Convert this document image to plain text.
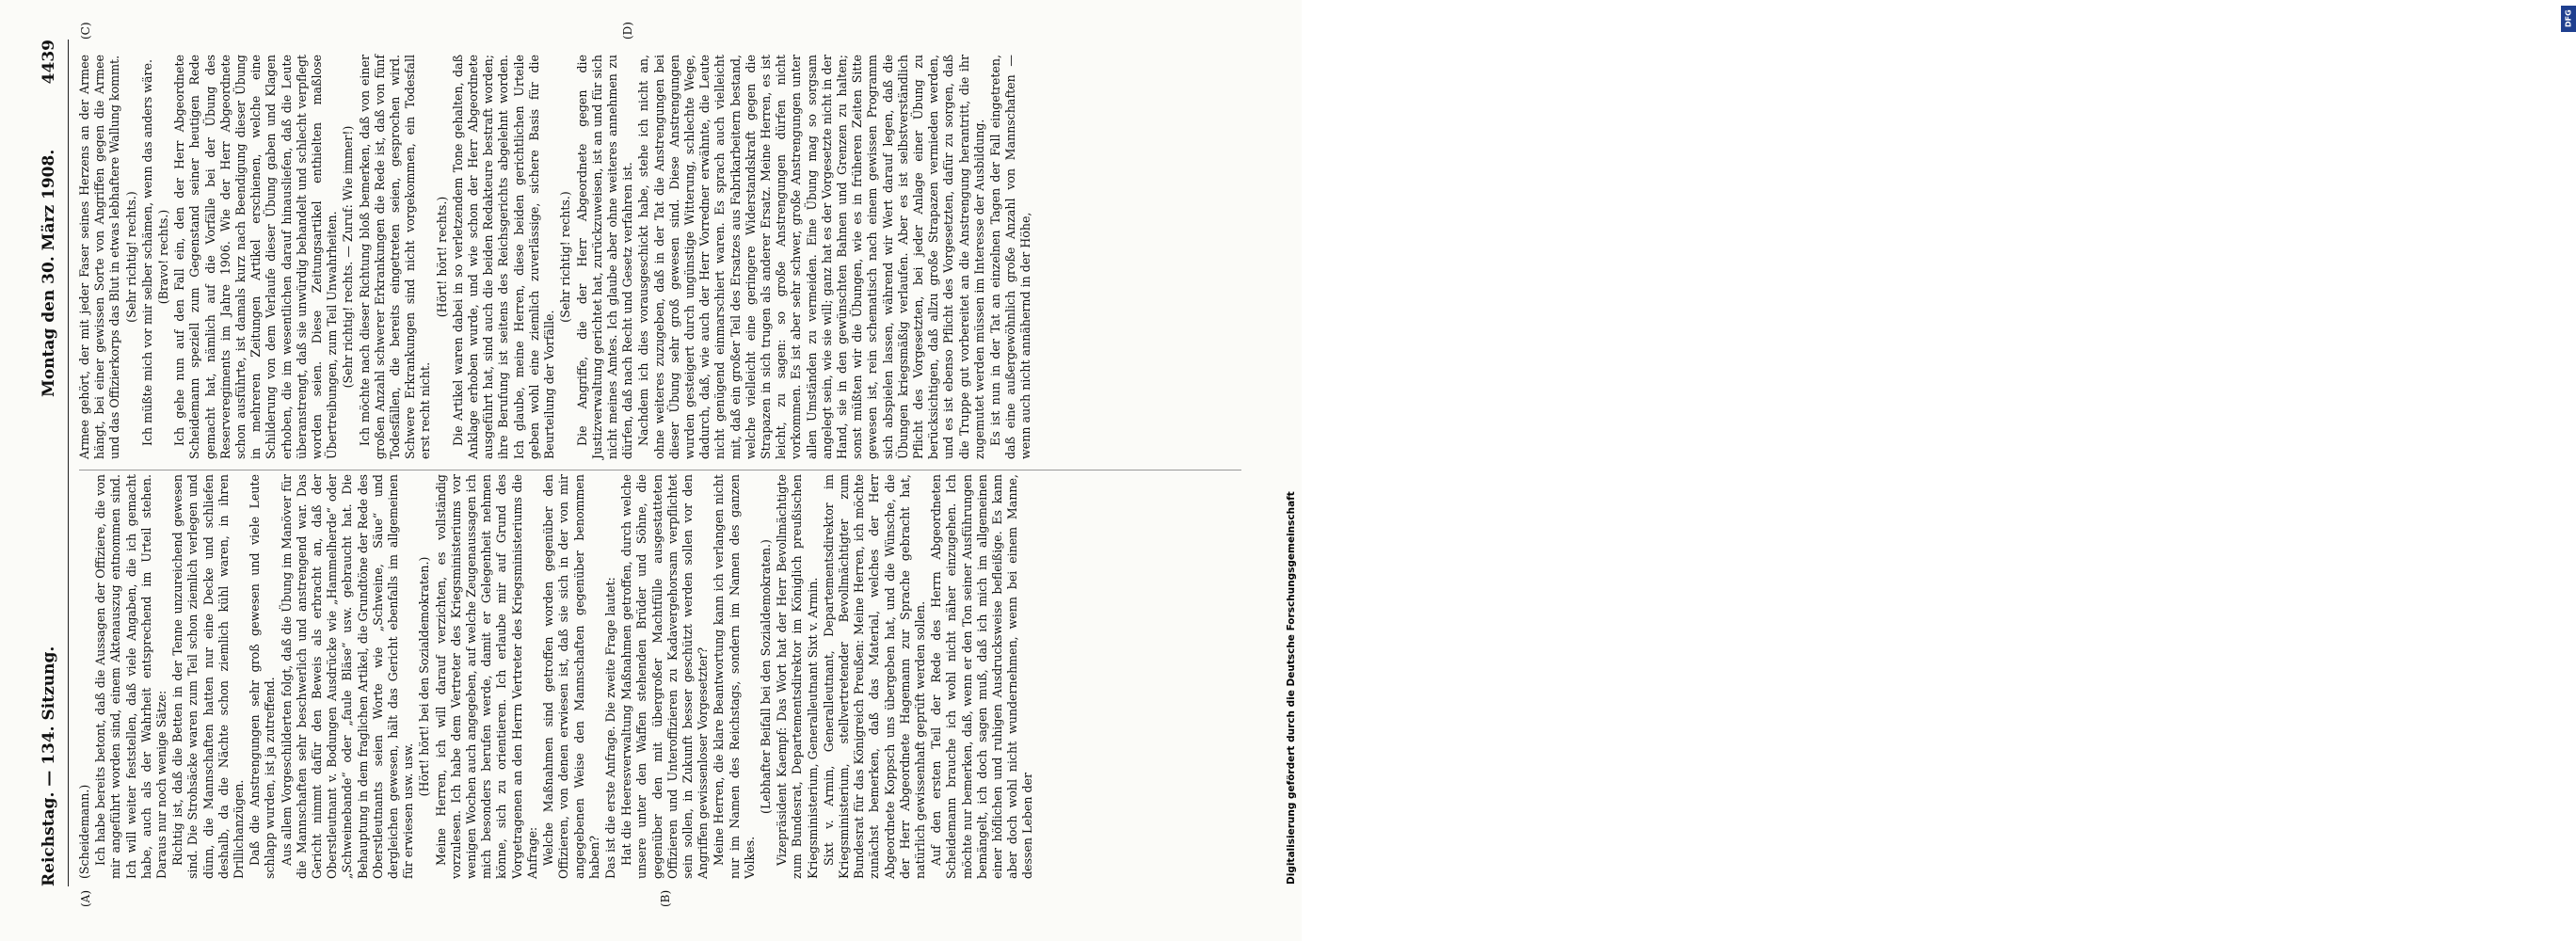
Reichstag. — 134. Sitzung.
Montag den 30. März 1908.
4439
(A)	(B)
(C)	(D)

(Scheidemann.) Ich habe bereits betont, daß die Aussagen der Offiziere, die von mir angeführt worden sind, einem Aktenauszug entnommen sind. Ich will weiter feststellen, daß viele Angaben, die ich gemacht habe, auch als der Wahrheit entsprechend im Urteil stehen. Daraus nur noch wenige Sätze: Richtig ist, daß die Betten in der Tenne unzureichend gewesen sind. Die Strohsäcke waren zum Teil schon ziemlich verlegen und dünn, die Mannschaften hatten nur eine Decke und schliefen deshalb, da die Nächte schon ziemlich kühl waren, in ihren Drillichanzügen. Daß die Anstrengungen sehr groß gewesen und viele Leute schlapp wurden, ist ja zutreffend. Aus allem Vorgeschilderten folgt, daß die Übung im Manöver für die Mannschaften sehr beschwerlich und anstrengend war. Das Gericht nimmt dafür den Beweis als erbracht an, daß der Oberstleutnant v. Bodungen Ausdrücke wie „Hammelherde“ oder „Schweinebande“ oder „faule Bläse“ usw. gebraucht hat. Die Behauptung in dem fraglichen Artikel, die Grundtöne der Rede des Oberstleutnants seien Worte wie „Schweine, Säue“ und dergleichen gewesen, hält das Gericht ebenfalls im allgemeinen für erwiesen usw. usw.

(Hört! hört! bei den Sozialdemokraten.) Meine Herren, ich will darauf verzichten, es vollständig vorzulesen. Ich habe dem Vertreter des Kriegsministeriums vor wenigen Wochen auch angegeben, auf welche Zeugenaussagen ich mich besonders berufen werde, damit er Gelegenheit nehmen könne, sich zu orientieren. Ich erlaube mir auf Grund des Vorgetragenen an den Herrn Vertreter des Kriegsministeriums die Anfrage: Welche Maßnahmen sind getroffen worden gegenüber den Offizieren, von denen erwiesen ist, daß sie sich in der von mir angegebenen Weise den Mannschaften gegenüber benommen haben? Das ist die erste Anfrage. Die zweite Frage lautet: Hat die Heeresverwaltung Maßnahmen getroffen, durch welche unsere unter den Waffen stehenden Brüder und Söhne, die gegenüber den mit übergroßer Machtfülle ausgestatteten Offizieren und Unteroffizieren zu Kadavergehorsam verpflichtet sein sollen, in Zukunft besser geschützt werden sollen vor den Angriffen gewissenloser Vorgesetzter? Meine Herren, die klare Beantwortung kann ich verlangen nicht nur im Namen des Reichstags, sondern im Namen des ganzen Volkes.

(Lebhafter Beifall bei den Sozialdemokraten.) Vizepräsident Kaempf: Das Wort hat der Herr Bevollmächtigte zum Bundesrat, Departementsdirektor im Königlich preußischen Kriegsministerium, Generalleutnant Sixt v. Armin. Sixt v. Armin, Generalleutnant, Departementsdirektor im Kriegsministerium, stellvertretender Bevollmächtigter zum Bundesrat für das Königreich Preußen: Meine Herren, ich möchte zunächst bemerken, daß das Material, welches der Herr Abgeordnete Koppsch uns übergeben hat, und die Wünsche, die der Herr Abgeordnete Hagemann zur Sprache gebracht hat, natürlich gewissenhaft geprüft werden sollen. Auf den ersten Teil der Rede des Herrn Abgeordneten Scheidemann brauche ich wohl nicht näher einzugehen. Ich möchte nur bemerken, daß, wenn er den Ton seiner Ausführungen bemängelt, ich doch sagen muß, daß ich mich im allgemeinen einer höflichen und ruhigen Ausdrucksweise befleißige. Es kann aber doch wohl nicht wundernehmen, wenn bei einem Manne, dessen Leben der

Armee gehört, der mit jeder Faser seines Herzens an der Armee hängt, bei einer gewissen Sorte von Angriffen gegen die Armee und das Offizierkorps das Blut in etwas lebhaftere Wallung kommt. (Sehr richtig! rechts.) Ich müßte mich vor mir selber schämen, wenn das anders wäre. (Bravo! rechts.) Ich gehe nun auf den Fall ein, den der Herr Abgeordnete Scheidemann speziell zum Gegenstand seiner heutigen Rede gemacht hat, nämlich auf die Vorfälle bei der Übung des Reserveregiments im Jahre 1906. Wie der Herr Abgeordnete schon ausführte, ist damals kurz nach Beendigung dieser Übung in mehreren Zeitungen Artikel erschienen, welche eine Schilderung von dem Verlaufe dieser Übung gaben und Klagen erhoben, die im wesentlichen darauf hinausliefen, daß die Leute überanstrengt, daß sie unwürdig behandelt und schlecht verpflegt worden seien. Diese Zeitungsartikel enthielten maßlose Übertreibungen, zum Teil Unwahrheiten. (Sehr richtig! rechts. — Zuruf: Wie immer!) Ich möchte nach dieser Richtung bloß bemerken, daß von einer großen Anzahl schwerer Erkrankungen die Rede ist, daß von fünf Todesfällen, die bereits eingetreten seien, gesprochen wird. Schwere Erkrankungen sind nicht vorgekommen, ein Todesfall erst recht nicht.

(Hört! hört! rechts.) Die Artikel waren dabei in so verletzendem Tone gehalten, daß Anklage erhoben wurde, und wie schon der Herr Abgeordnete ausgeführt hat, sind auch die beiden Redakteure bestraft worden; ihre Berufung ist seitens des Reichsgerichts abgelehnt worden. Ich glaube, meine Herren, diese beiden gerichtlichen Urteile geben wohl eine ziemlich zuverlässige, sichere Basis für die Beurteilung der Vorfälle.

(Sehr richtig! rechts.) Die Angriffe, die der Herr Abgeordnete gegen die Justizverwaltung gerichtet hat, zurückzuweisen, ist an und für sich nicht meines Amtes. Ich glaube aber ohne weiteres annehmen zu dürfen, daß nach Recht und Gesetz verfahren ist. Nachdem ich dies vorausgeschickt habe, stehe ich nicht an, ohne weiteres zuzugeben, daß in der Tat die Anstrengungen bei dieser Übung sehr groß gewesen sind. Diese Anstrengungen wurden gesteigert durch ungünstige Witterung, schlechte Wege, dadurch, daß, wie auch der Herr Vorredner erwähnte, die Leute nicht genügend einmarschiert waren. Es sprach auch vielleicht mit, daß ein großer Teil des Ersatzes aus Fabrikarbeitern bestand, welche vielleicht eine geringere Widerstandskraft gegen die Strapazen in sich trugen als anderer Ersatz. Meine Herren, es ist leicht, zu sagen: so große Anstrengungen dürfen nicht vorkommen. Es ist aber sehr schwer, große Anstrengungen unter allen Umständen zu vermeiden. Eine Übung mag so sorgsam angelegt sein, wie sie will; ganz hat es der Vorgesetzte nicht in der Hand, sie in den gewünschten Bahnen und Grenzen zu halten; sonst müßten wir die Übungen, wie es in früheren Zeiten Sitte gewesen ist, rein schematisch nach einem gewissen Programm sich abspielen lassen, während wir Wert darauf legen, daß die Übungen kriegsmäßig verlaufen. Aber es ist selbstverständlich Pflicht des Vorgesetzten, bei jeder Anlage einer Übung zu berücksichtigen, daß allzu große Strapazen vermieden werden, und es ist ebenso Pflicht des Vorgesetzten, dafür zu sorgen, daß die Truppe gut vorbereitet an die Anstrengung herantritt, die ihr zugemutet werden müssen im Interesse der Ausbildung. Es ist nun in der Tat an einzelnen Tagen der Fall eingetreten, daß eine außergewöhnlich große Anzahl von Mannschaften — wenn auch nicht annähernd in der Höhe,

DFG
Digitalisierung gefördert durch die Deutsche Forschungsgemeinschaft
